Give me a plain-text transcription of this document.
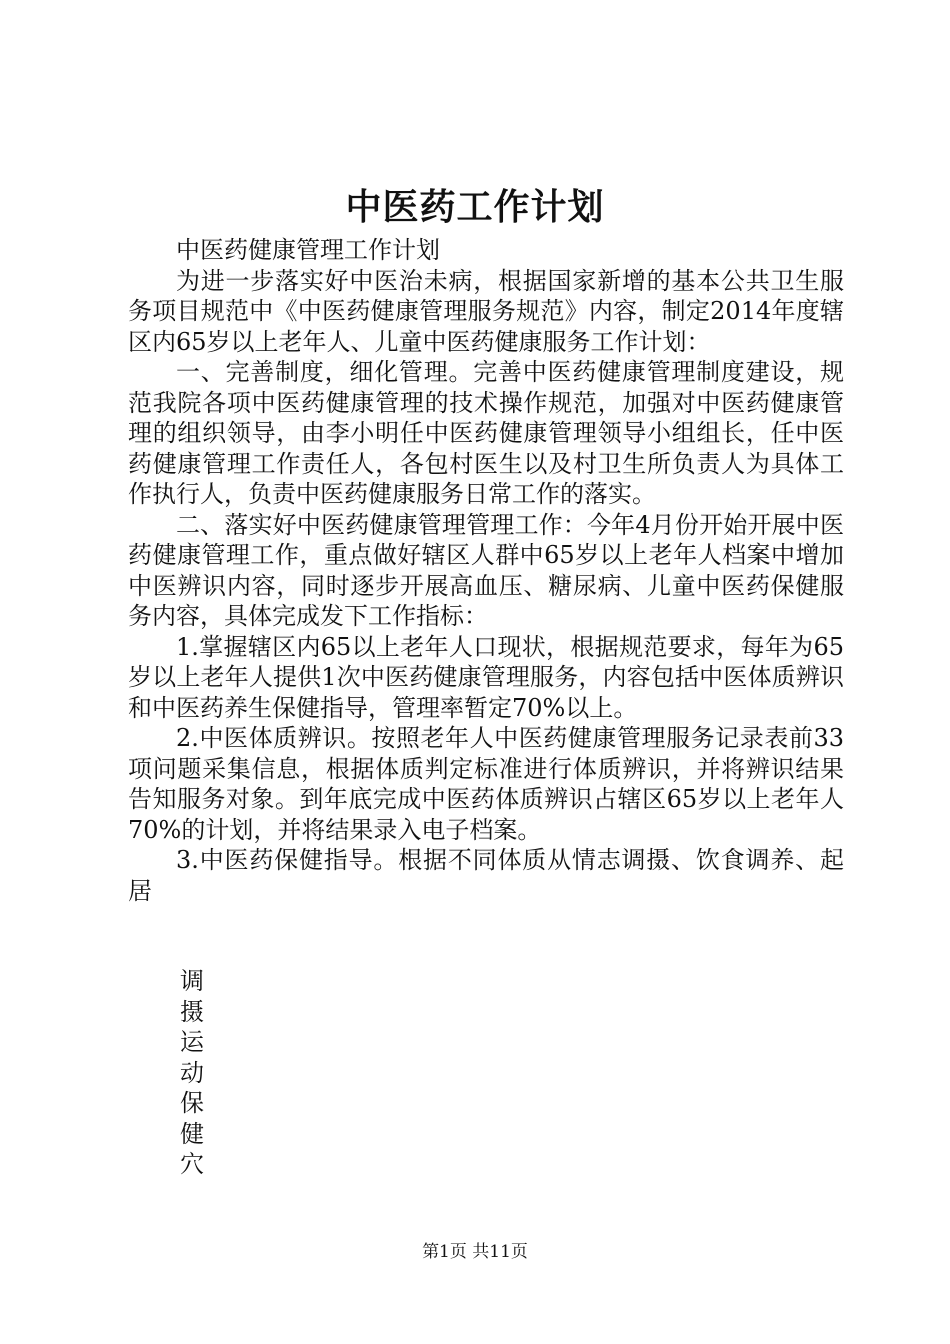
中医药工作计划

中医药健康管理工作计划

为进一步落实好中医治未病，根据国家新增的基本公共卫生服务项目规范中《中医药健康管理服务规范》内容，制定2014年度辖区内65岁以上老年人、儿童中医药健康服务工作计划：

一、完善制度，细化管理。完善中医药健康管理制度建设，规范我院各项中医药健康管理的技术操作规范，加强对中医药健康管理的组织领导，由李小明任中医药健康管理领导小组组长，任中医药健康管理工作责任人，各包村医生以及村卫生所负责人为具体工作执行人，负责中医药健康服务日常工作的落实。

二、落实好中医药健康管理管理工作：今年4月份开始开展中医药健康管理工作，重点做好辖区人群中65岁以上老年人档案中增加中医辨识内容，同时逐步开展高血压、糖尿病、儿童中医药保健服务内容，具体完成发下工作指标：

1.掌握辖区内65以上老年人口现状，根据规范要求，每年为65岁以上老年人提供1次中医药健康管理服务，内容包括中医体质辨识和中医药养生保健指导，管理率暂定70%以上。

2.中医体质辨识。按照老年人中医药健康管理服务记录表前33项问题采集信息，根据体质判定标准进行体质辨识，并将辨识结果告知服务对象。到年底完成中医药体质辨识占辖区65岁以上老年人70%的计划，并将结果录入电子档案。

3.中医药保健指导。根据不同体质从情志调摄、饮食调养、起居

调
摄
运
动
保
健
穴
第1页 共11页
